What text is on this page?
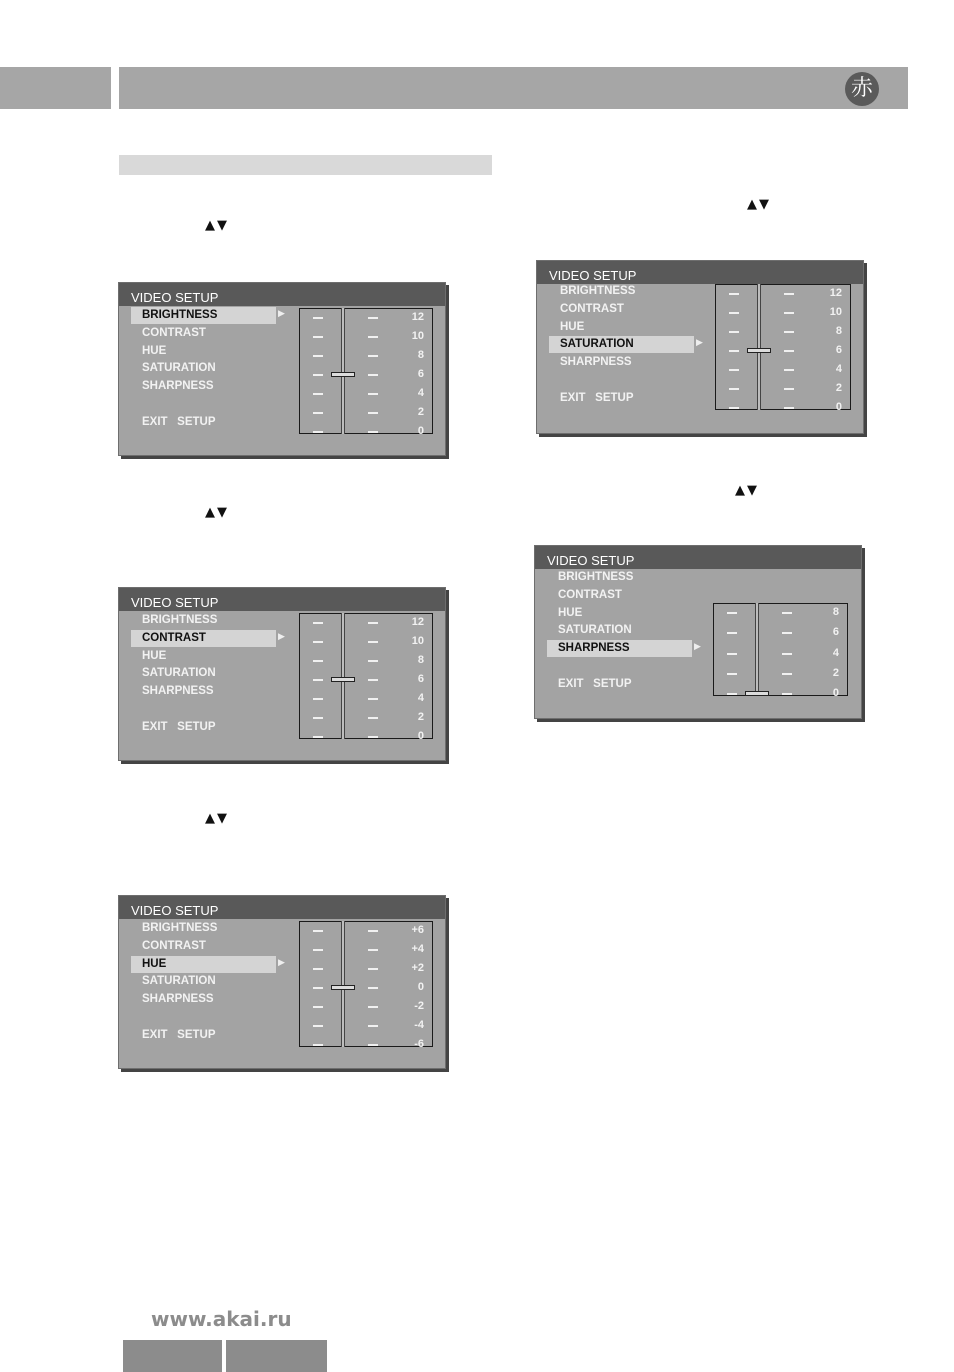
赤
▲▼
▲▼
▲▼
▲▼
▲▼
VIDEO SETUP
▶
BRIGHTNESS
CONTRAST
HUE
SATURATION
SHARPNESS
EXIT   SETUP
12
10
8
6
4
2
0
VIDEO SETUP
▶
BRIGHTNESS
CONTRAST
HUE
SATURATION
SHARPNESS
EXIT   SETUP
12
10
8
6
4
2
0
VIDEO SETUP
▶
BRIGHTNESS
CONTRAST
HUE
SATURATION
SHARPNESS
EXIT   SETUP
+6
+4
+2
0
-2
-4
-6
VIDEO SETUP
▶
BRIGHTNESS
CONTRAST
HUE
SATURATION
SHARPNESS
EXIT   SETUP
12
10
8
6
4
2
0
VIDEO SETUP
▶
BRIGHTNESS
CONTRAST
HUE
SATURATION
SHARPNESS
EXIT   SETUP
8
6
4
2
0
www.akai.ru
